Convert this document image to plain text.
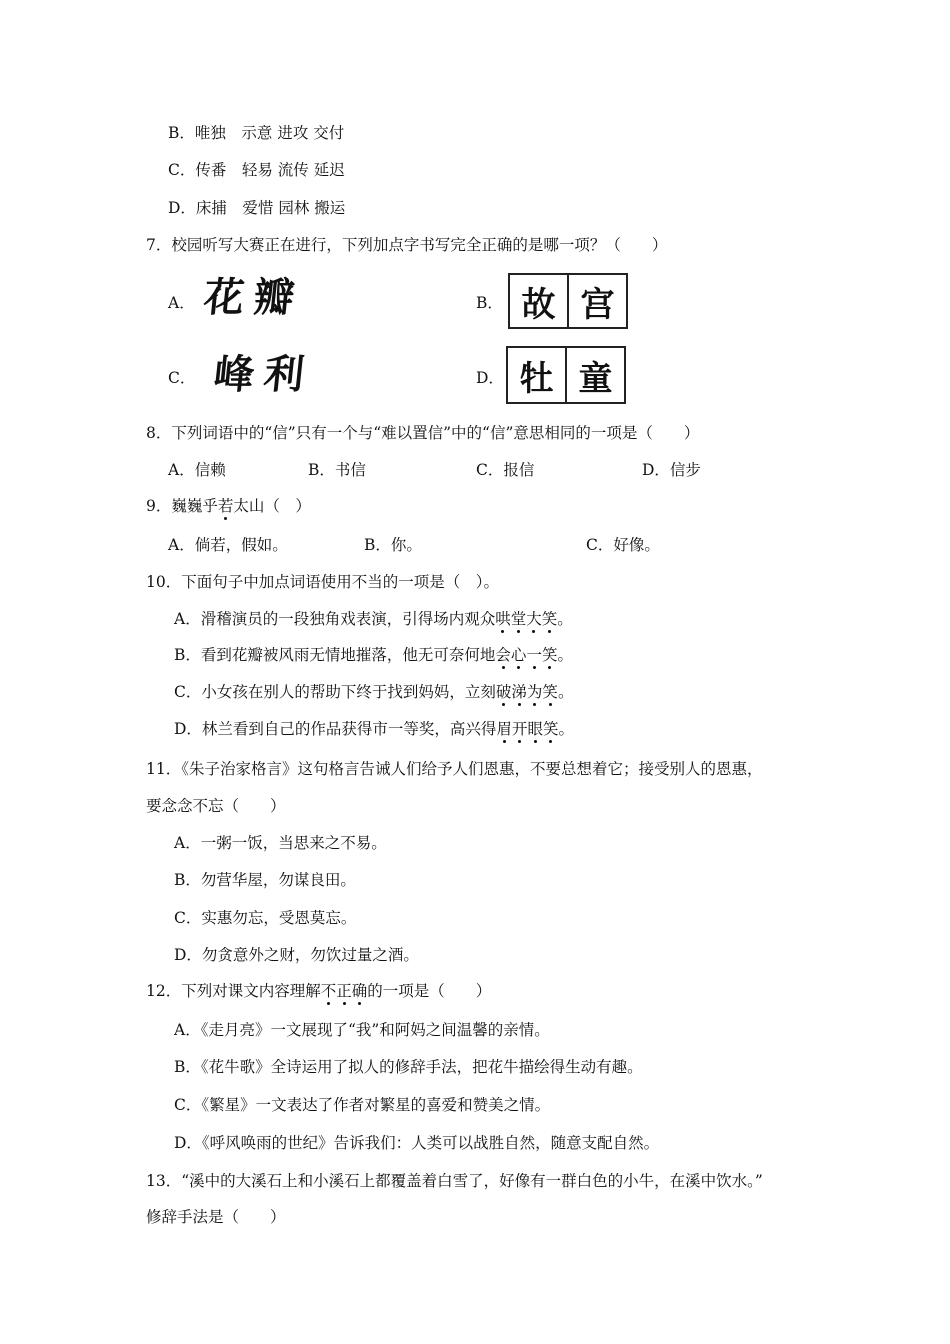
B．唯独　示意 进攻 交付
C．传番　轻易 流传 延迟
D．床捕　爱惜 园林 搬运
7．校园听写大赛正在进行，下列加点字书写完全正确的是哪一项？（　　）
A． 花瓣	B． 故 宫
C． 峰利	D． 牡 童
8．下列词语中的“信”只有一个与“难以置信”中的“信”意思相同的一项是（　　）
A．信赖	B．书信	C．报信	D．信步
9．巍巍乎若太山（　）
A．倘若，假如。	B．你。	C．好像。
10．下面句子中加点词语使用不当的一项是（　）。
A．滑稽演员的一段独角戏表演，引得场内观众哄堂大笑。
B．看到花瓣被风雨无情地摧落，他无可奈何地会心一笑。
C．小女孩在别人的帮助下终于找到妈妈，立刻破涕为笑。
D．林兰看到自己的作品获得市一等奖，高兴得眉开眼笑。
11．《朱子治家格言》这句格言告诫人们给予人们恩惠，不要总想着它；接受别人的恩惠，
要念念不忘（　　）
A．一粥一饭，当思来之不易。
B．勿营华屋，勿谋良田。
C．实惠勿忘，受恩莫忘。
D．勿贪意外之财，勿饮过量之酒。
12．下列对课文内容理解不正确的一项是（　　）
A．《走月亮》一文展现了“我”和阿妈之间温馨的亲情。
B．《花牛歌》全诗运用了拟人的修辞手法，把花牛描绘得生动有趣。
C．《繁星》一文表达了作者对繁星的喜爱和赞美之情。
D．《呼风唤雨的世纪》告诉我们：人类可以战胜自然，随意支配自然。
13．“溪中的大溪石上和小溪石上都覆盖着白雪了，好像有一群白色的小牛，在溪中饮水。”
修辞手法是（　　）
